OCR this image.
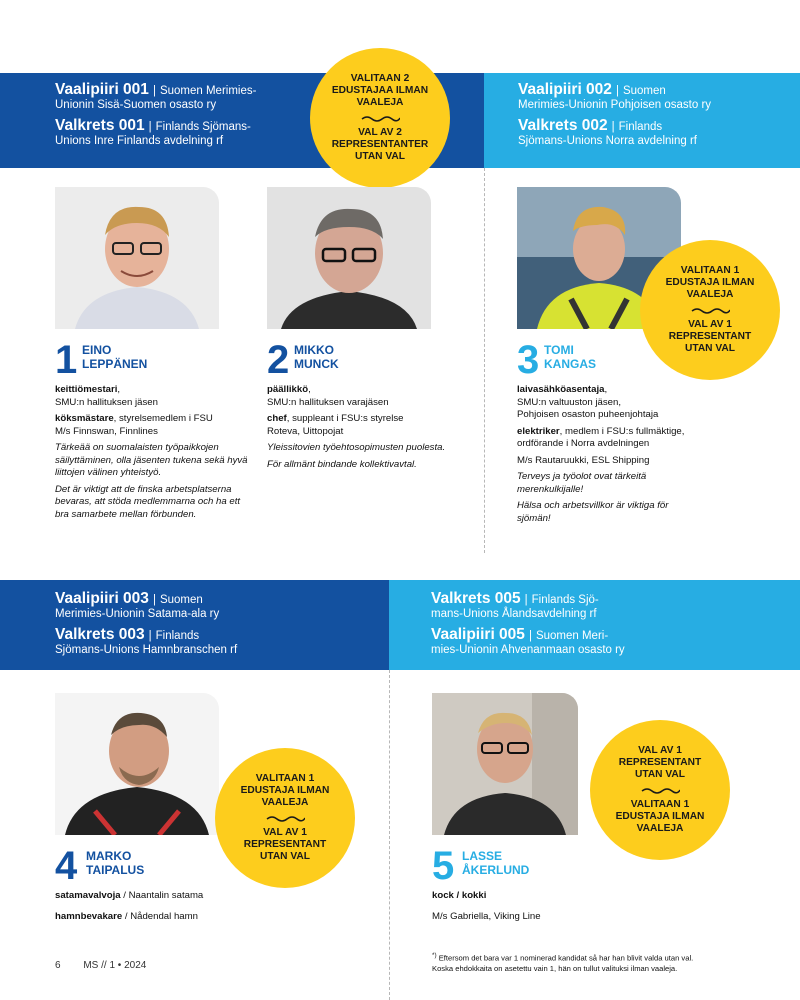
Vaalipiiri 001 | Suomen Merimies-
Unionin Sisä-Suomen osasto ry
Valkrets 001 | Finlands Sjömans-
Unions Inre Finlands avdelning rf
Vaalipiiri 002 | Suomen
Merimies-Unionin Pohjoisen osasto ry
Valkrets 002 | Finlands
Sjömans-Unions Norra avdelning rf
Vaalipiiri 003 | Suomen
Merimies-Unionin Satama-ala ry
Valkrets 003 | Finlands
Sjömans-Unions Hamnbranschen rf
Valkrets 005 | Finlands Sjö-
mans-Unions Ålandsavdelning rf
Vaalipiiri 005 | Suomen Meri-
mies-Unionin Ahvenanmaan osasto ry
VALITAAN 2 EDUSTAJAA ILMAN VAALEJA
VAL AV 2 REPRESENTANTER UTAN VAL
VALITAAN 1 EDUSTAJA ILMAN VAALEJA
VAL AV 1 REPRESENTANT UTAN VAL
VALITAAN 1 EDUSTAJA ILMAN VAALEJA
VAL AV 1 REPRESENTANT UTAN VAL
VAL AV 1 REPRESENTANT UTAN VAL
VALITAAN 1 EDUSTAJA ILMAN VAALEJA
1 EINO
LEPPÄNEN

keittiömestari,
SMU:n hallituksen jäsen

köksmästare, styrelsemedlem i FSU
M/s Finnswan, Finnlines

Tärkeää on suomalaisten työpaikkojen säilyttäminen, olla jäsenten tukena sekä hyvä liittojen välinen yhteistyö.

Det är viktigt att de finska arbetsplatserna bevaras, att stöda medlemmarna och ha ett bra samarbete mellan förbunden.

2 MIKKO
MUNCK

päällikkö,
SMU:n hallituksen varajäsen

chef, suppleant i FSU:s styrelse
Roteva, Uittopojat

Yleissitovien työehtosopimusten puolesta.

För allmänt bindande kollektivavtal.

3 TOMI
KANGAS

laivasähköasentaja,
SMU:n valtuuston jäsen,
Pohjoisen osaston puheenjohtaja

elektriker, medlem i FSU:s fullmäktige,
ordförande i Norra avdelningen

M/s Rautaruukki, ESL Shipping

Terveys ja työolot ovat tärkeitä merenkulkijalle!

Hälsa och arbetsvillkor är viktiga för sjömän!

4 MARKO
TAIPALUS

satamavalvoja / Naantalin satama

hamnbevakare / Nådendal hamn

5 LASSE
ÅKERLUND

kock / kokki

M/s Gabriella, Viking Line

6 MS // 1 • 2024
*) Eftersom det bara var 1 nominerad kandidat så har han blivit valda utan val.
Koska ehdokkaita on asetettu vain 1, hän on tullut valituksi ilman vaaleja.
